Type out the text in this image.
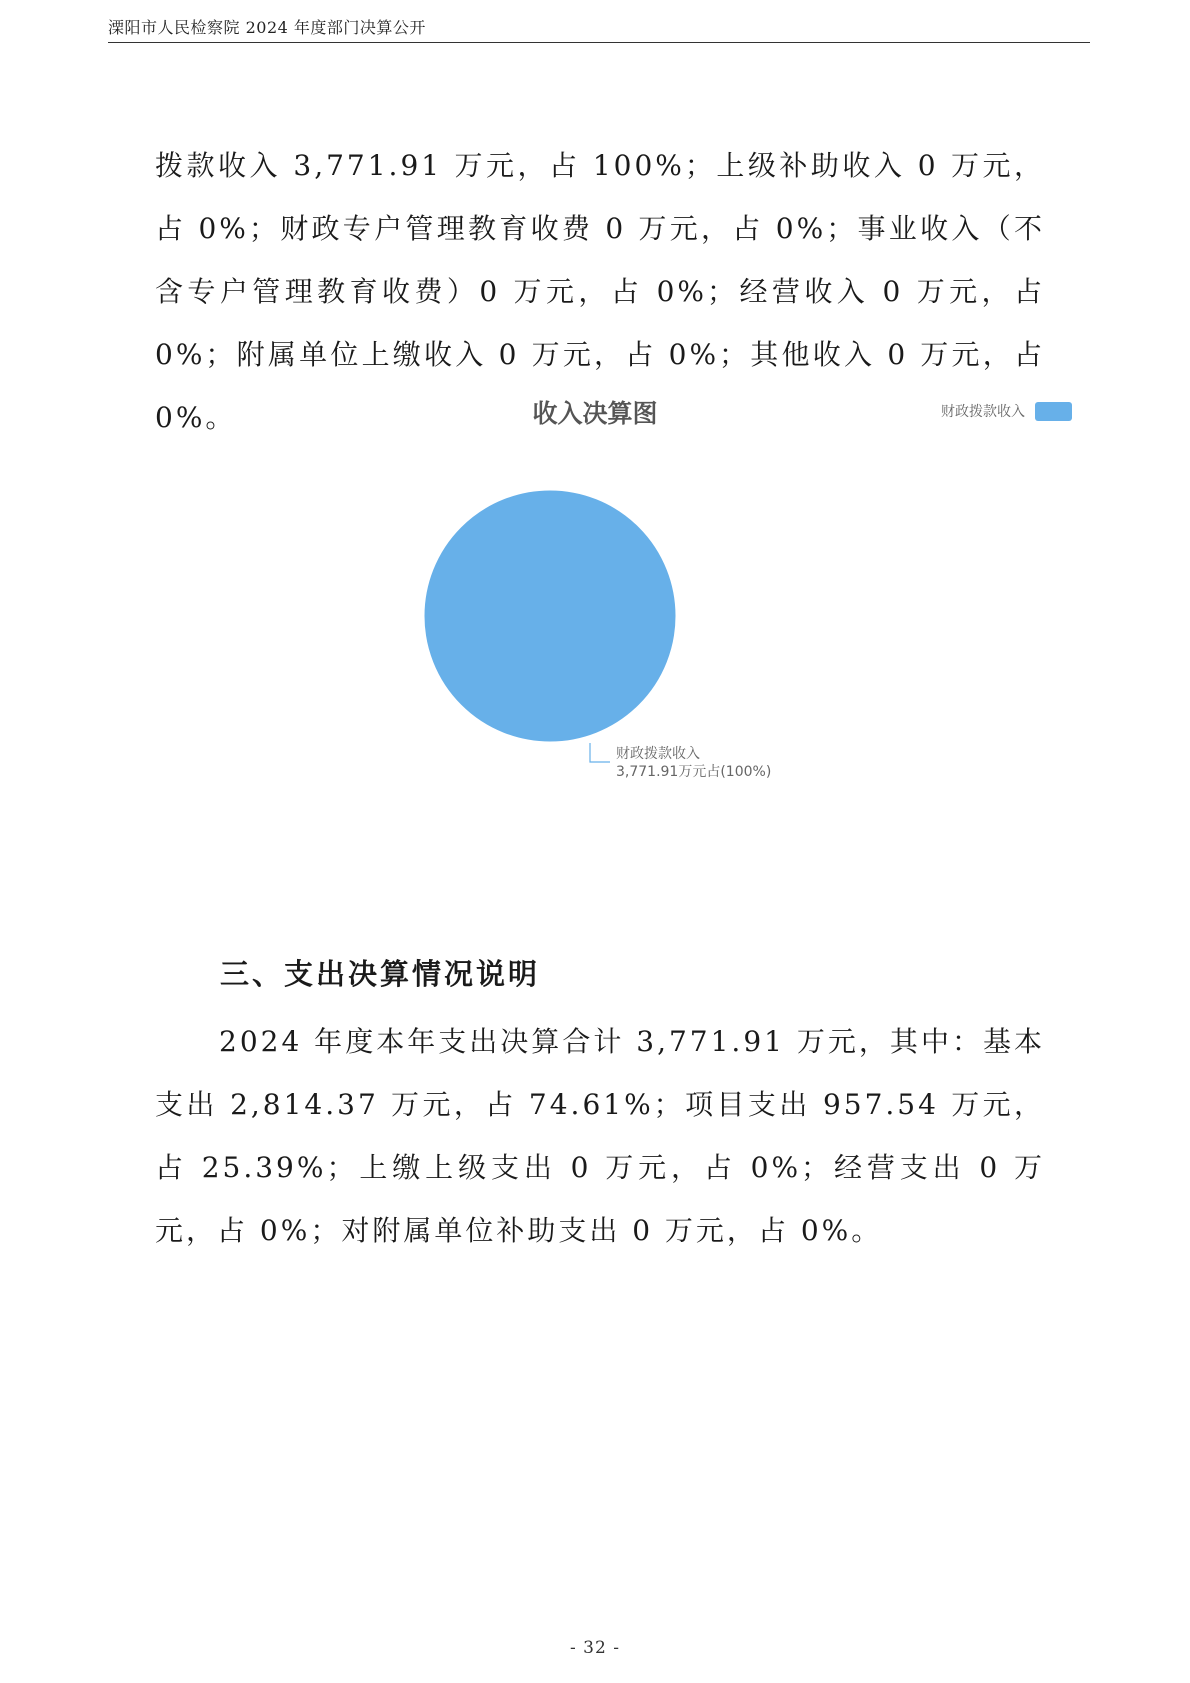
溧阳市人民检察院 2024 年度部门决算公开

拨款收入 3,771.91 万元，占 100%；上级补助收入 0 万元，占 0%；财政专户管理教育收费 0 万元，占 0%；事业收入（不含专户管理教育收费）0 万元，占 0%；经营收入 0 万元，占 0%；附属单位上缴收入 0 万元，占 0%；其他收入 0 万元，占 0%。	收入决算图	财政拨款收入
财政拨款收入
3,771.91万元占(100%)
三、支出决算情况说明

2024 年度本年支出决算合计 3,771.91 万元，其中：基本支出 2,814.37 万元，占 74.61%；项目支出 957.54 万元，占 25.39%；上缴上级支出 0 万元，占 0%；经营支出 0 万元，占 0%；对附属单位补助支出 0 万元，占 0%。

- 32 -
